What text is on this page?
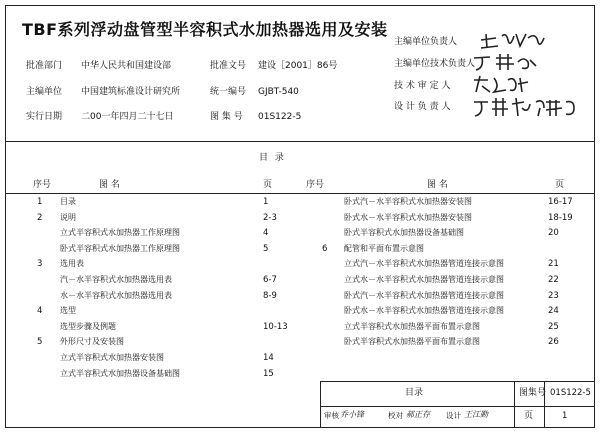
TBF系列浮动盘管型半容积式水加热器选用及安装
批准部门 中华人民共和国建设部	批准文号 建设［2001］86号
主编单位 中国建筑标准设计研究所	统一编号 GJBT-540
实行日期 二00一年四月二十七日	图 集 号 01S122-5
主编单位负责人
主编单位技术负责人
技 术 审 定 人
设 计 负 责 人
目 录
序号	图 名	页	序号	图 名	页
1 目录	1
2 说明	2-3
立式半容积式水加热器工作原理图	4
卧式半容积式水加热器工作原理图	5
3 选用表
汽－水半容积式水加热器选用表	6-7
水－水半容积式水加热器选用表	8-9
4 选型
选型步骤及例题	10-13
5 外形尺寸及安装图
立式半容积式水加热器安装图	14
立式半容积式水加热器设备基础图	15
卧式汽－水半容积式水加热器安装图	16-17
卧式水－水半容积式水加热器安装图	18-19
卧式半容积式水加热器设备基础图	20
6 配管和平面布置示意图
立式汽－水半容积式水加热器管道连接示意图	21
立式水－水半容积式水加热器管道连接示意图	22
卧式汽－水半容积式水加热器管道连接示意图	23
卧式水－水半容积式水加热器管道连接示意图	24
立式半容积式水加热器平面布置示意图	25
卧式半容积式水加热器平面布置示意图	26
目录	图集号 01S122-5
审核 乔小锋	校对 郝正存 设计 王江勤	页	1
